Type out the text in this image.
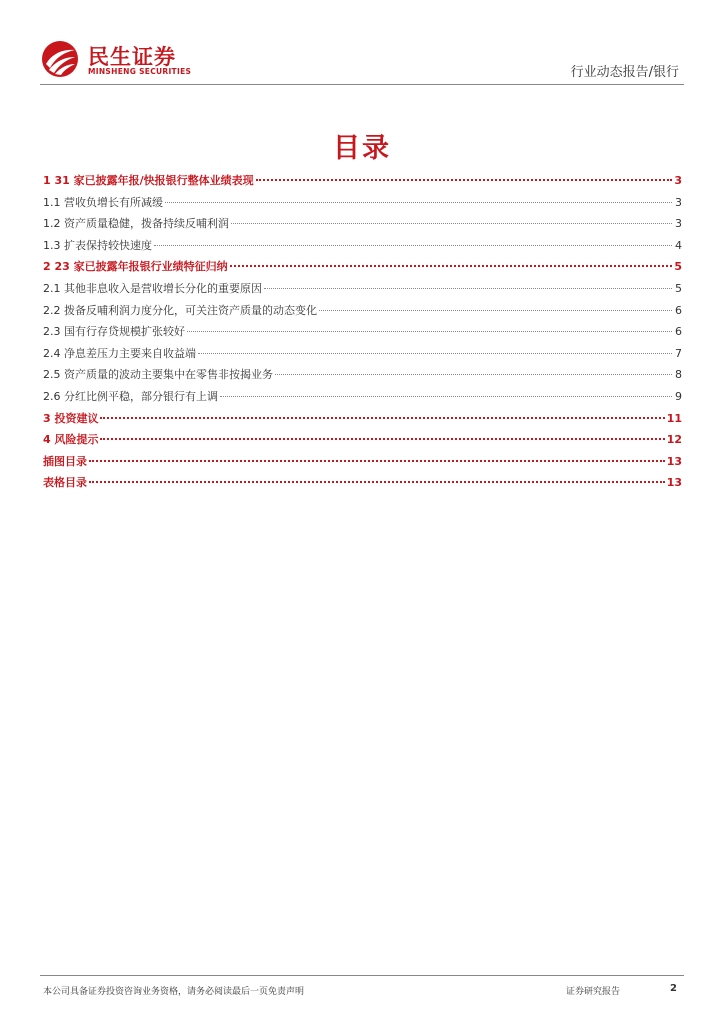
民生证券
MINSHENG SECURITIES	行业动态报告/银行
目录
1 31 家已披露年报/快报银行整体业绩表现	3
1.1 营收负增长有所减缓	3
1.2 资产质量稳健，拨备持续反哺利润	3
1.3 扩表保持较快速度	4
2 23 家已披露年报银行业绩特征归纳	5
2.1 其他非息收入是营收增长分化的重要原因	5
2.2 拨备反哺利润力度分化，可关注资产质量的动态变化	6
2.3 国有行存贷规模扩张较好	6
2.4 净息差压力主要来自收益端	7
2.5 资产质量的波动主要集中在零售非按揭业务	8
2.6 分红比例平稳，部分银行有上调	9
3 投资建议	11
4 风险提示	12
插图目录	13
表格目录	13
本公司具备证券投资咨询业务资格，请务必阅读最后一页免责声明	证券研究报告	2
